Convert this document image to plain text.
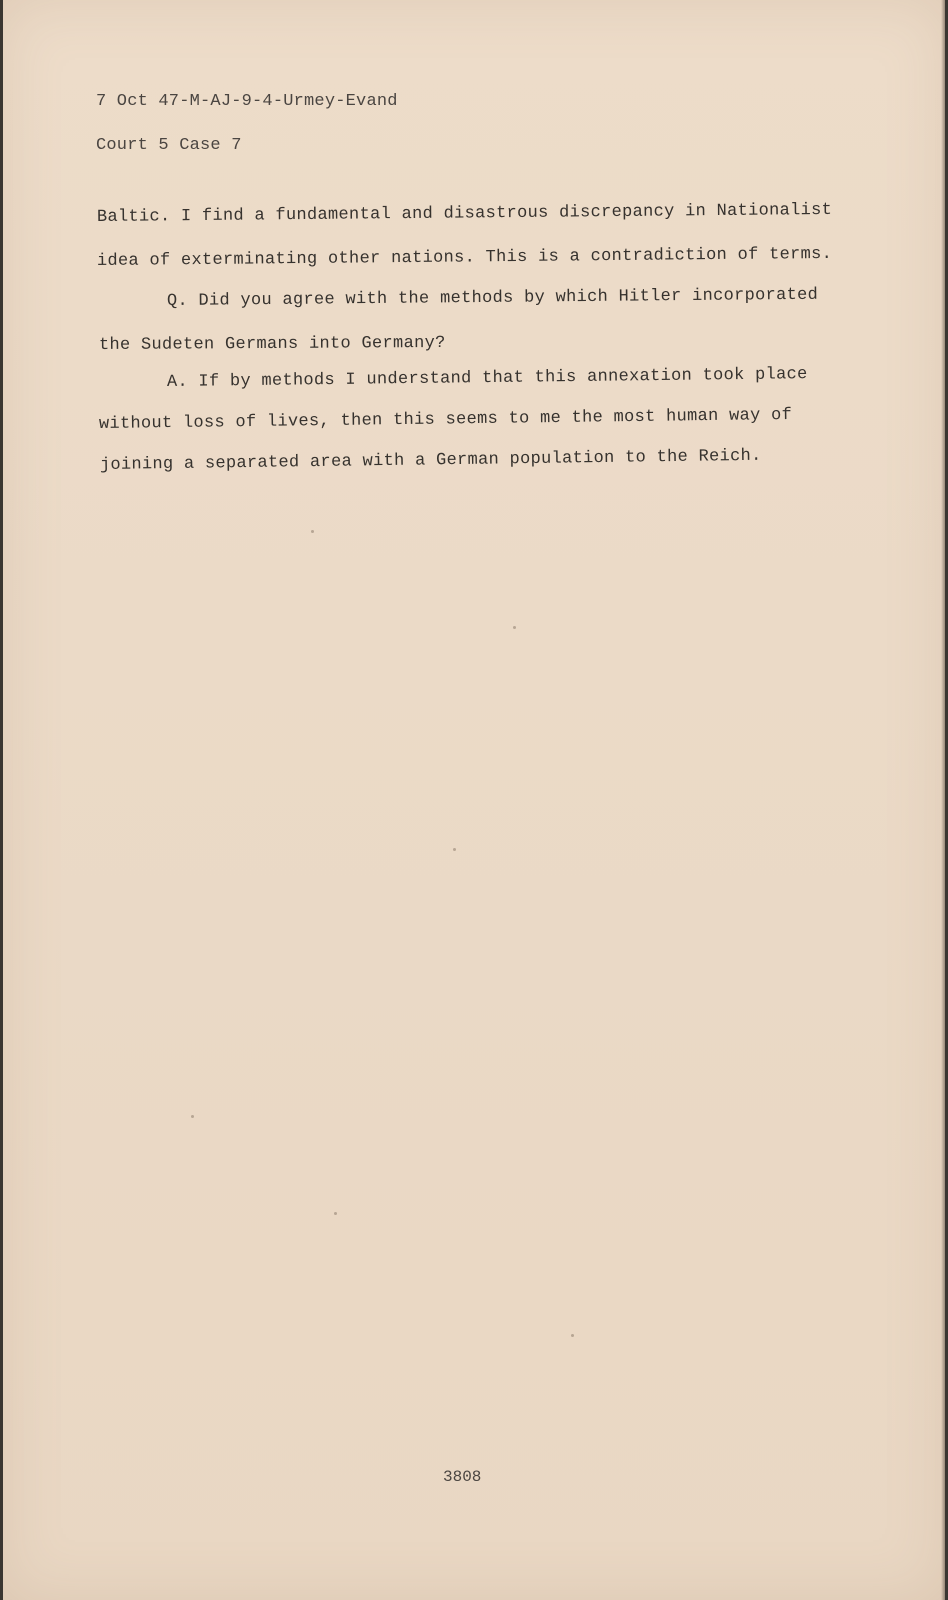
7 Oct 47-M-AJ-9-4-Urmey-Evand
Court 5 Case 7
Baltic. I find a fundamental and disastrous discrepancy in Nationalist
idea of exterminating other nations. This is a contradiction of terms.
Q. Did you agree with the methods by which Hitler incorporated
the Sudeten Germans into Germany?
A. If by methods I understand that this annexation took place
without loss of lives, then this seems to me the most human way of
joining a separated area with a German population to the Reich.
3808
